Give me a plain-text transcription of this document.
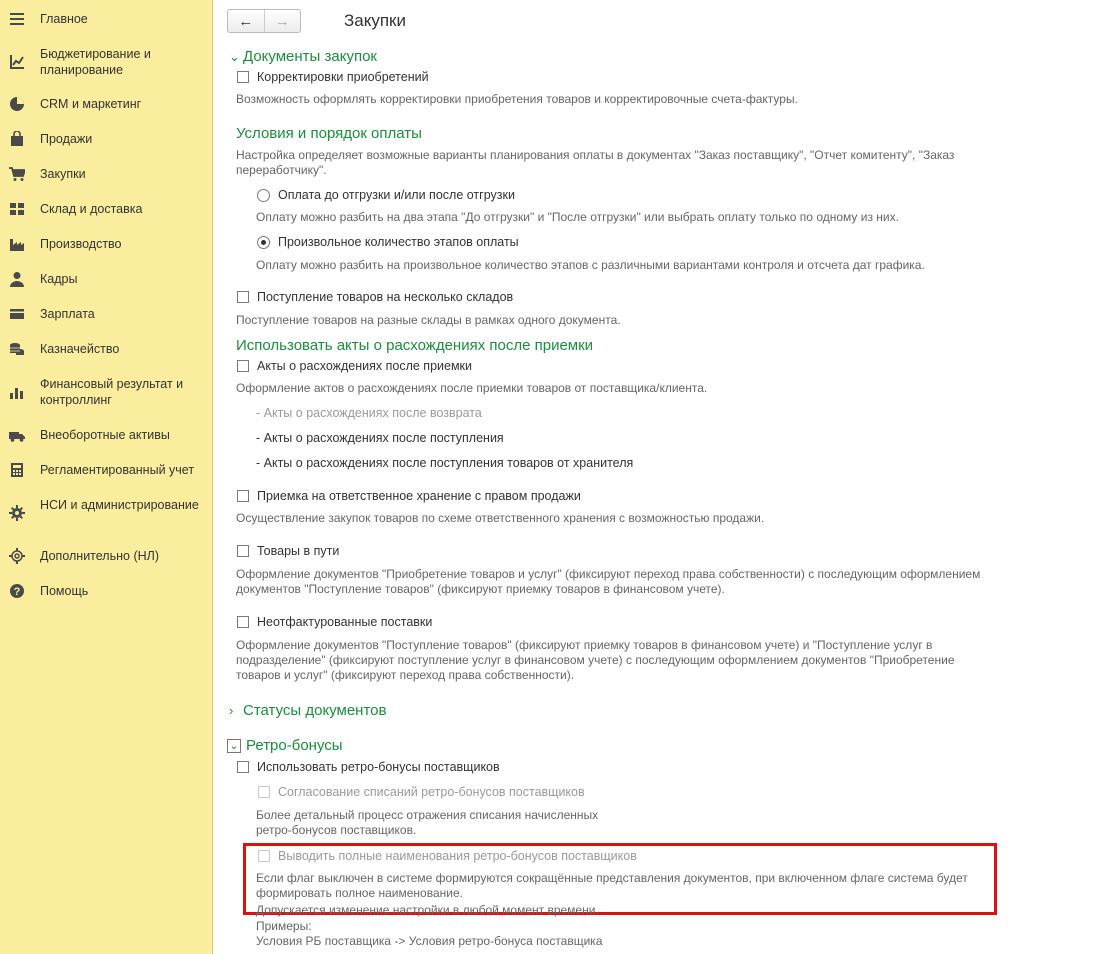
Главное
Бюджетирование и планирование
CRM и маркетинг
Продажи
Закупки
Склад и доставка
Производство
Кадры
Зарплата
Казначейство
Финансовый результат и контроллинг
Внеоборотные активы
Регламентированный учет
НСИ и администрирование
Дополнительно (НЛ)
? Помощь
← →	Закупки
⌄ Документы закупок
Корректировки приобретений
Возможность оформлять корректировки приобретения товаров и корректировочные счета-фактуры.
Условия и порядок оплаты
Настройка определяет возможные варианты планирования оплаты в документах "Заказ поставщику", "Отчет комитенту", "Заказ переработчику".
Оплата до отгрузки и/или после отгрузки
Оплату можно разбить на два этапа "До отгрузки" и "После отгрузки" или выбрать оплату только по одному из них.
Произвольное количество этапов оплаты
Оплату можно разбить на произвольное количество этапов с различными вариантами контроля и отсчета дат графика.
Поступление товаров на несколько складов
Поступление товаров на разные склады в рамках одного документа.
Использовать акты о расхождениях после приемки
Акты о расхождениях после приемки
Оформление актов о расхождениях после приемки товаров от поставщика/клиента.
- Акты о расхождениях после возврата
- Акты о расхождениях после поступления
- Акты о расхождениях после поступления товаров от хранителя
Приемка на ответственное хранение с правом продажи
Осуществление закупок товаров по схеме ответственного хранения с возможностью продажи.
Товары в пути
Оформление документов "Приобретение товаров и услуг" (фиксируют переход права собственности) с последующим оформлением документов "Поступление товаров" (фиксируют приемку товаров в финансовом учете).
Неотфактурованные поставки
Оформление документов "Поступление товаров" (фиксируют приемку товаров в финансовом учете) и "Поступление услуг в подразделение" (фиксируют поступление услуг в финансовом учете) с последующим оформлением документов "Приобретение товаров и услуг" (фиксируют переход права собственности).
› Статусы документов
⌄ Ретро-бонусы
Использовать ретро-бонусы поставщиков
Согласование списаний ретро-бонусов поставщиков
Более детальный процесс отражения списания начисленных ретро-бонусов поставщиков.
Выводить полные наименования ретро-бонусов поставщиков
Если флаг выключен в системе формируются сокращённые представления документов, при включенном флаге система будет формировать полное наименование.
Допускается изменение настройки в любой момент времени.
Примеры:
Условия РБ поставщика -> Условия ретро-бонуса поставщика
